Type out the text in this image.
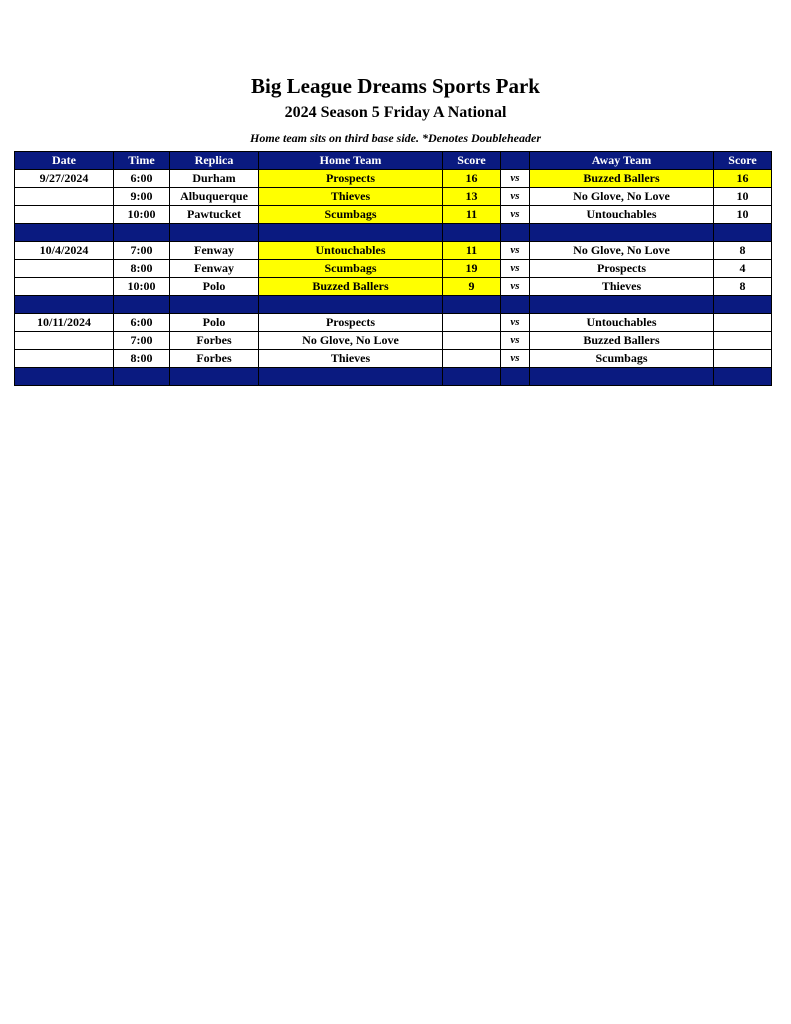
Big League Dreams Sports Park
2024 Season 5 Friday A National
Home team sits on third base side. *Denotes Doubleheader
Date	Time	Replica	Home Team	Score		Away Team	Score
9/27/2024	6:00	Durham	Prospects	16	vs	Buzzed Ballers	16
	9:00	Albuquerque	Thieves	13	vs	No Glove, No Love	10
	10:00	Pawtucket	Scumbags	11	vs	Untouchables	10

10/4/2024	7:00	Fenway	Untouchables	11	vs	No Glove, No Love	8
	8:00	Fenway	Scumbags	19	vs	Prospects	4
	10:00	Polo	Buzzed Ballers	9	vs	Thieves	8

10/11/2024	6:00	Polo	Prospects		vs	Untouchables	
	7:00	Forbes	No Glove, No Love		vs	Buzzed Ballers	
	8:00	Forbes	Thieves		vs	Scumbags	
